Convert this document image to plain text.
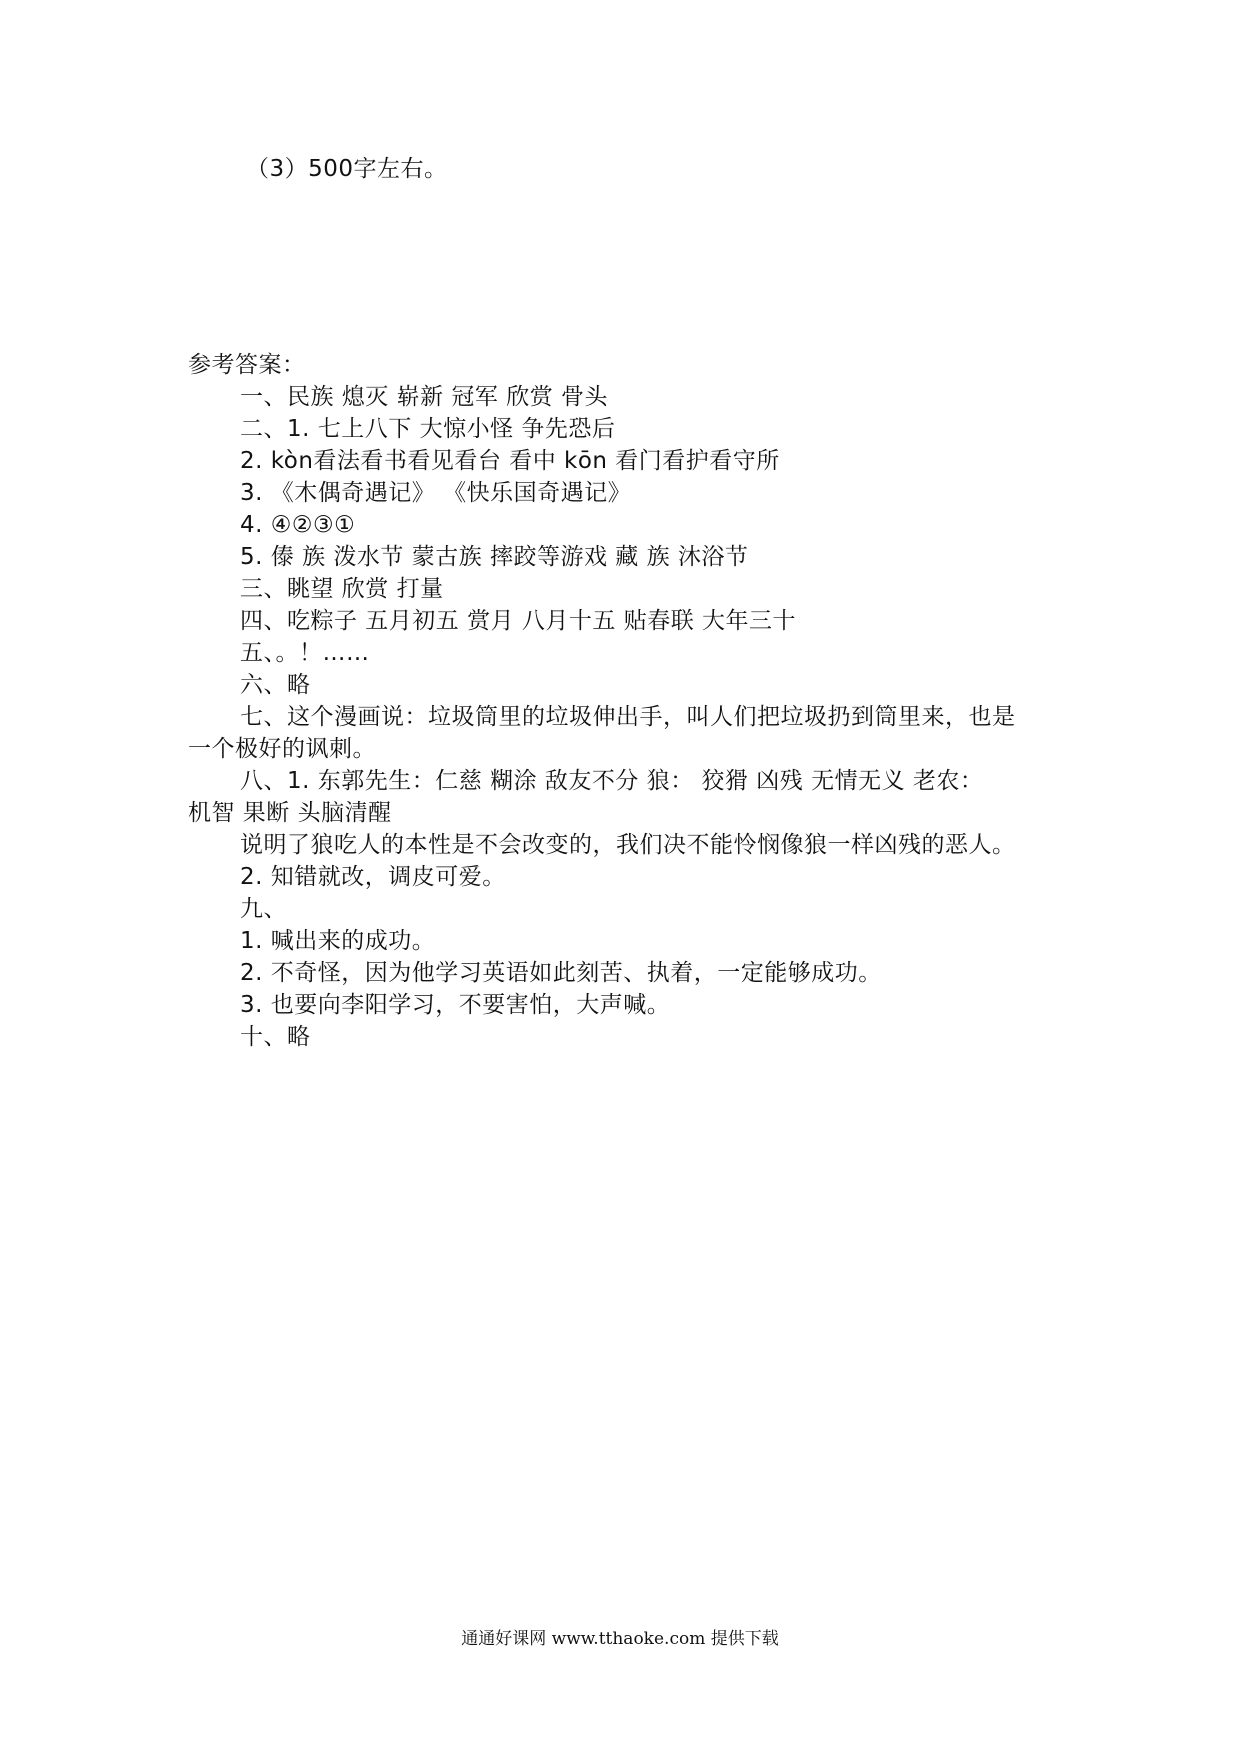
（3）500字左右。
参考答案：
一、民族 熄灭 崭新 冠军 欣赏 骨头
二、1. 七上八下 大惊小怪 争先恐后
2. kòn看法看书看见看台 看中 kōn 看门看护看守所
3. 《木偶奇遇记》 《快乐国奇遇记》
4. ④②③①
5. 傣 族 泼水节 蒙古族 摔跤等游戏 藏 族 沐浴节
三、眺望 欣赏 打量
四、吃粽子 五月初五 赏月 八月十五 贴春联 大年三十
五、。！……
六、略
七、这个漫画说：垃圾筒里的垃圾伸出手，叫人们把垃圾扔到筒里来，也是
一个极好的讽刺。
八、1. 东郭先生：仁慈 糊涂 敌友不分 狼： 狡猾 凶残 无情无义 老农：
机智 果断 头脑清醒
说明了狼吃人的本性是不会改变的，我们决不能怜悯像狼一样凶残的恶人。
2. 知错就改，调皮可爱。
九、
1. 喊出来的成功。
2. 不奇怪，因为他学习英语如此刻苦、执着，一定能够成功。
3. 也要向李阳学习，不要害怕，大声喊。
十、略
通通好课网 www.tthaoke.com 提供下载
